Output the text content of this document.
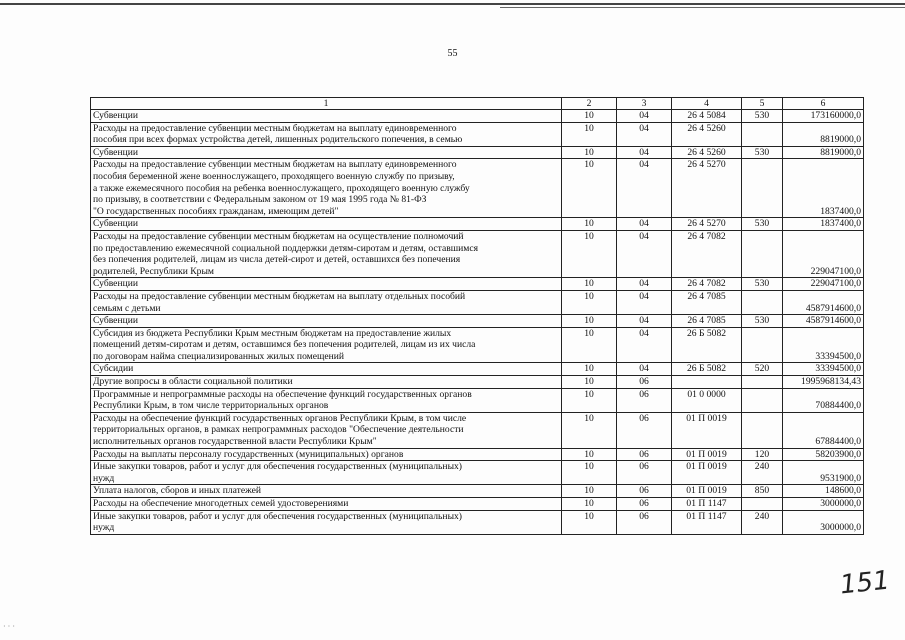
55
1	2	3	4	5	6
Субвенции	10	04	26 4 5084	530	173160000,0
Расходы на предоставление субвенции местным бюджетам на выплату единовременного
пособия при всех формах устройства детей, лишенных родительского попечения, в семью	10	04	26 4 5260		8819000,0
Субвенции	10	04	26 4 5260	530	8819000,0
Расходы на предоставление субвенции местным бюджетам на выплату единовременного
пособия беременной жене военнослужащего, проходящего военную службу по призыву,
а также ежемесячного пособия на ребенка военнослужащего, проходящего военную службу
по призыву, в соответствии с Федеральным законом от 19 мая 1995 года № 81-ФЗ
"О государственных пособиях гражданам, имеющим детей"	10	04	26 4 5270		1837400,0
Субвенции	10	04	26 4 5270	530	1837400,0
Расходы на предоставление субвенции местным бюджетам на осуществление полномочий
по предоставлению ежемесячной социальной поддержки детям-сиротам и детям, оставшимся
без попечения родителей, лицам из числа детей-сирот и детей, оставшихся без попечения
родителей, Республики Крым	10	04	26 4 7082		229047100,0
Субвенции	10	04	26 4 7082	530	229047100,0
Расходы на предоставление субвенции местным бюджетам на выплату отдельных пособий
семьям с детьми	10	04	26 4 7085		4587914600,0
Субвенции	10	04	26 4 7085	530	4587914600,0
Субсидия из бюджета Республики Крым местным бюджетам на предоставление жилых
помещений детям-сиротам и детям, оставшимся без попечения родителей, лицам из их числа
по договорам найма специализированных жилых помещений	10	04	26 Б 5082		33394500,0
Субсидии	10	04	26 Б 5082	520	33394500,0
Другие вопросы в области социальной политики	10	06			1995968134,43
Программные и непрограммные расходы на обеспечение функций государственных органов
Республики Крым, в том числе территориальных органов	10	06	01 0 0000		70884400,0
Расходы на обеспечение функций государственных органов Республики Крым, в том числе
территориальных органов, в рамках непрограммных расходов "Обеспечение деятельности
исполнительных органов государственной власти Республики Крым"	10	06	01 П 0019		67884400,0
Расходы на выплаты персоналу государственных (муниципальных) органов	10	06	01 П 0019	120	58203900,0
Иные закупки товаров, работ и услуг для обеспечения государственных (муниципальных)
нужд	10	06	01 П 0019	240	9531900,0
Уплата налогов, сборов и иных платежей	10	06	01 П 0019	850	148600,0
Расходы на обеспечение многодетных семей удостоверениями	10	06	01 П 1147		3000000,0
Иные закупки товаров, работ и услуг для обеспечения государственных (муниципальных)
нужд	10	06	01 П 1147	240	3000000,0
151
· · ·
